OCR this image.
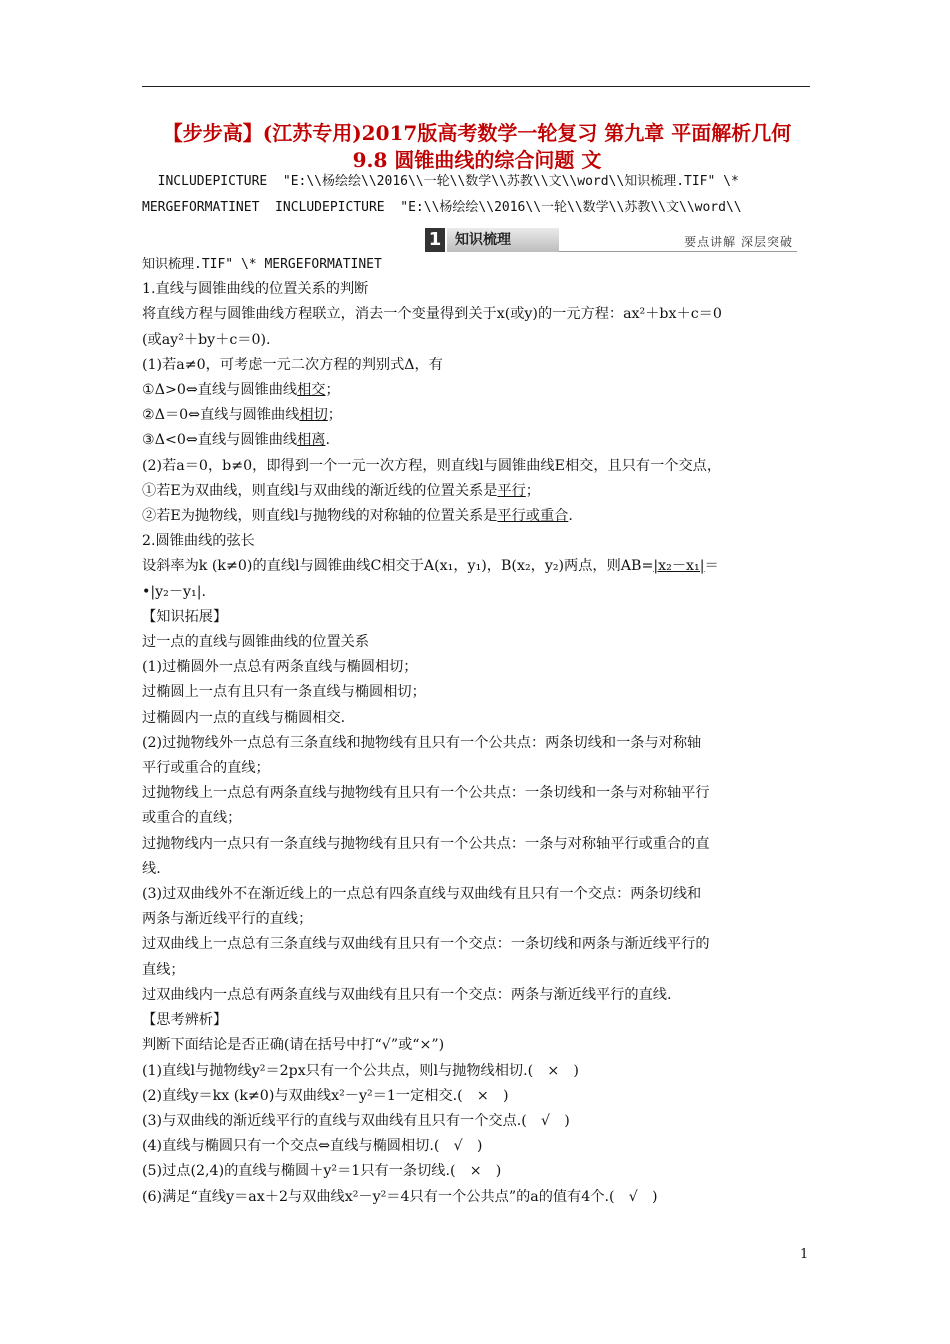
【步步高】(江苏专用)2017版高考数学一轮复习 第九章 平面解析几何 9.8 圆锥曲线的综合问题 文
INCLUDEPICTURE  "E:\\杨绘绘\\2016\\一轮\\数学\\苏教\\文\\word\\知识梳理.TIF" \*
MERGEFORMATINET  INCLUDEPICTURE  "E:\\杨绘绘\\2016\\一轮\\数学\\苏教\\文\\word\\
1 知识梳理	要点讲解 深层突破

知识梳理.TIF" \* MERGEFORMATINET

1.直线与圆锥曲线的位置关系的判断

将直线方程与圆锥曲线方程联立，消去一个变量得到关于x(或y)的一元方程：ax²＋bx＋c＝0

(或ay²＋by＋c＝0).

(1)若a≠0，可考虑一元二次方程的判别式Δ，有

①Δ>0⇔直线与圆锥曲线相交；

②Δ＝0⇔直线与圆锥曲线相切；

③Δ<0⇔直线与圆锥曲线相离.

(2)若a＝0，b≠0，即得到一个一元一次方程，则直线l与圆锥曲线E相交，且只有一个交点，

①若E为双曲线，则直线l与双曲线的渐近线的位置关系是平行；

②若E为抛物线，则直线l与抛物线的对称轴的位置关系是平行或重合.

2.圆锥曲线的弦长

设斜率为k (k≠0)的直线l与圆锥曲线C相交于A(x₁，y₁)，B(x₂，y₂)两点，则AB=|x₂－x₁|＝

•|y₂－y₁|.

【知识拓展】

过一点的直线与圆锥曲线的位置关系

(1)过椭圆外一点总有两条直线与椭圆相切；

过椭圆上一点有且只有一条直线与椭圆相切；

过椭圆内一点的直线与椭圆相交.

(2)过抛物线外一点总有三条直线和抛物线有且只有一个公共点：两条切线和一条与对称轴

平行或重合的直线；

过抛物线上一点总有两条直线与抛物线有且只有一个公共点：一条切线和一条与对称轴平行

或重合的直线；

过抛物线内一点只有一条直线与抛物线有且只有一个公共点：一条与对称轴平行或重合的直

线.

(3)过双曲线外不在渐近线上的一点总有四条直线与双曲线有且只有一个交点：两条切线和

两条与渐近线平行的直线；

过双曲线上一点总有三条直线与双曲线有且只有一个交点：一条切线和两条与渐近线平行的

直线；

过双曲线内一点总有两条直线与双曲线有且只有一个交点：两条与渐近线平行的直线.

【思考辨析】

判断下面结论是否正确(请在括号中打“√”或“×”)

(1)直线l与抛物线y²＝2px只有一个公共点，则l与抛物线相切.(　×　)

(2)直线y＝kx (k≠0)与双曲线x²－y²＝1一定相交.(　×　)

(3)与双曲线的渐近线平行的直线与双曲线有且只有一个交点.(　√　)

(4)直线与椭圆只有一个交点⇔直线与椭圆相切.(　√　)

(5)过点(2,4)的直线与椭圆＋y²＝1只有一条切线.(　×　)

(6)满足“直线y＝ax＋2与双曲线x²－y²＝4只有一个公共点”的a的值有4个.(　√　)

1
